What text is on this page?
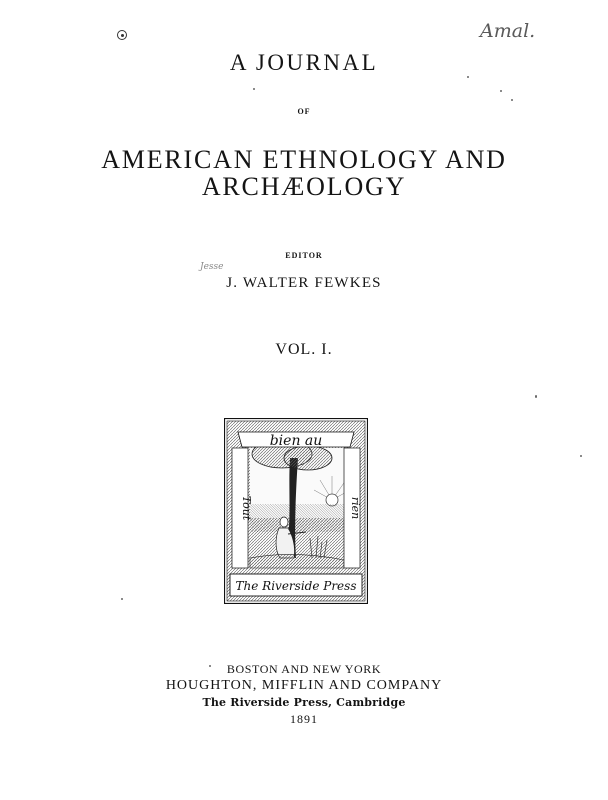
Amal.
A JOURNAL
OF
AMERICAN ETHNOLOGY AND
ARCHÆOLOGY
EDITOR
Jesse
J. WALTER FEWKES
VOL. I.
bien au
Tout	rien
The Riverside Press
BOSTON AND NEW YORK
HOUGHTON, MIFFLIN AND COMPANY
The Riverside Press, Cambridge
1891
